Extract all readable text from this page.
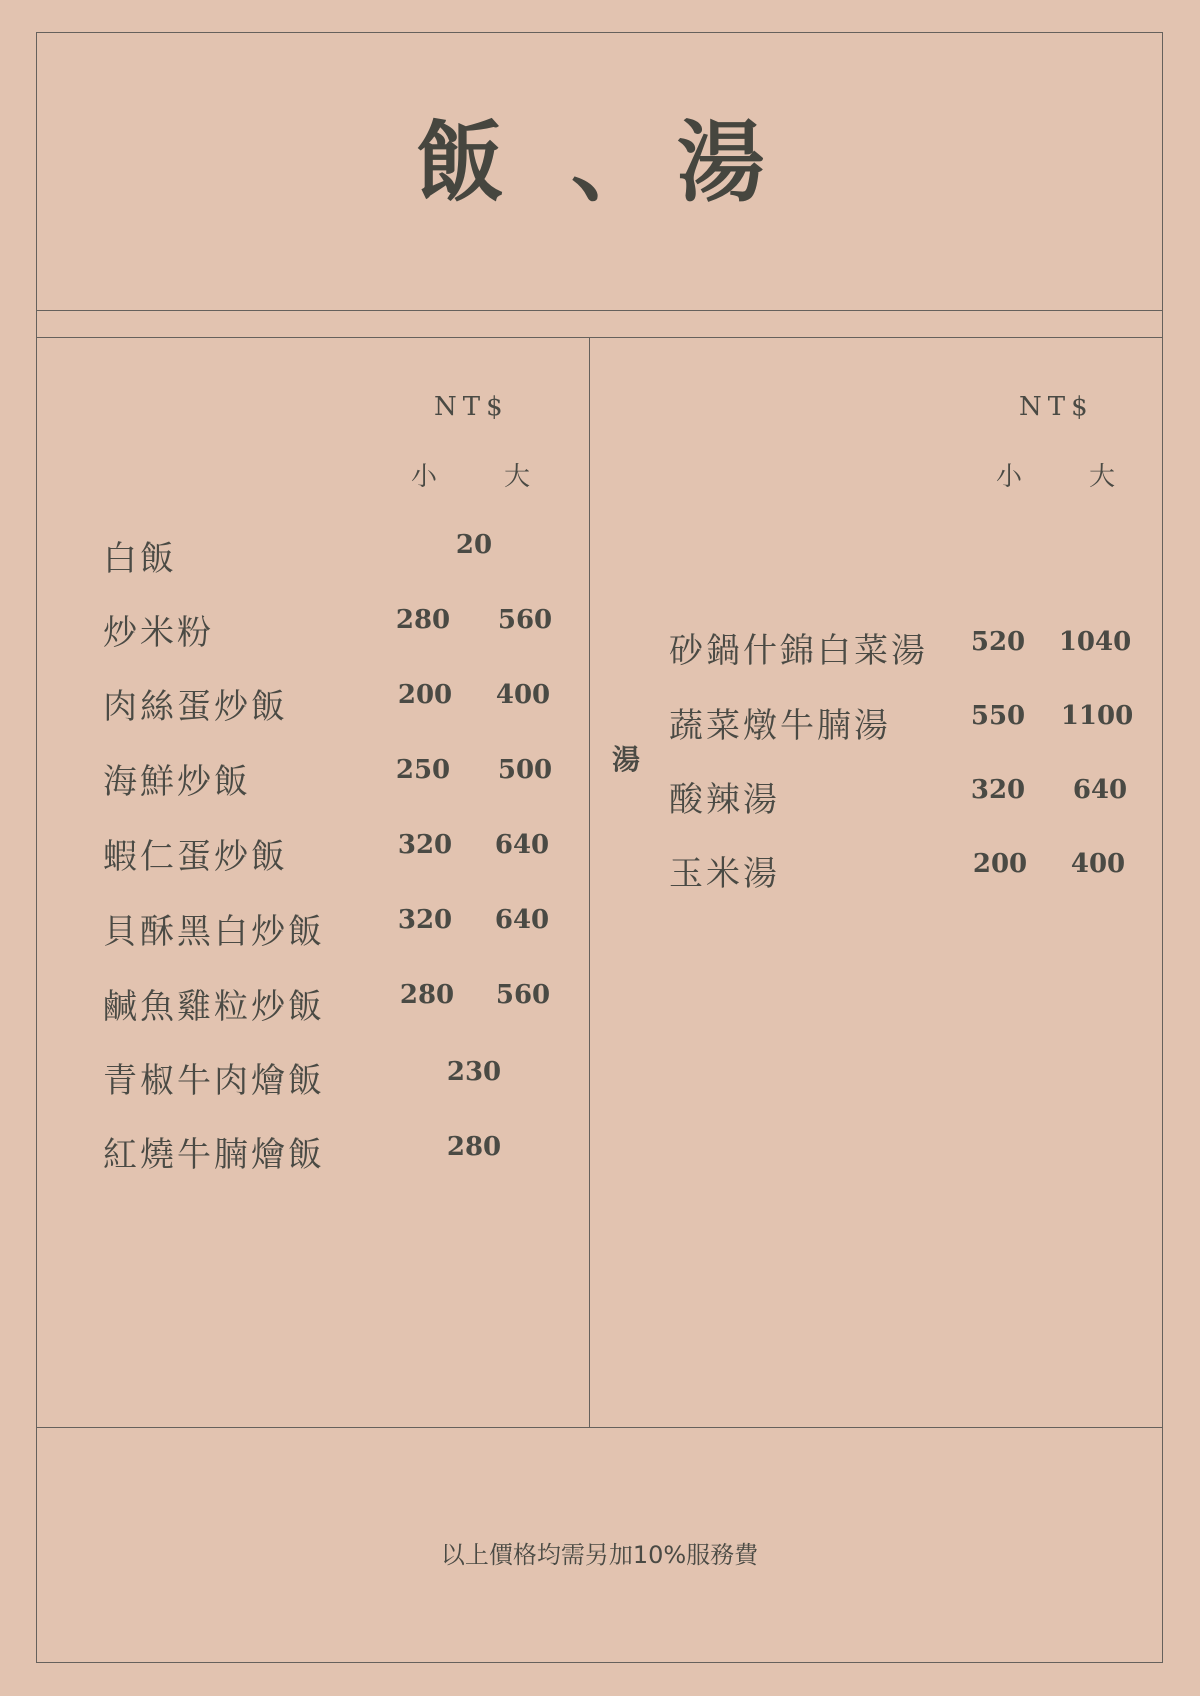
飯 、湯
NT$
小	大
白飯	20
炒米粉	280	560
肉絲蛋炒飯	200	400
海鮮炒飯	250	500
蝦仁蛋炒飯	320	640
貝酥黑白炒飯	320	640
鹹魚雞粒炒飯	280	560
青椒牛肉燴飯	230
紅燒牛腩燴飯	280
NT$
小	大
湯
砂鍋什錦白菜湯	520	1040
蔬菜燉牛腩湯	550	1100
酸辣湯	320	640
玉米湯	200	400
以上價格均需另加10%服務費
